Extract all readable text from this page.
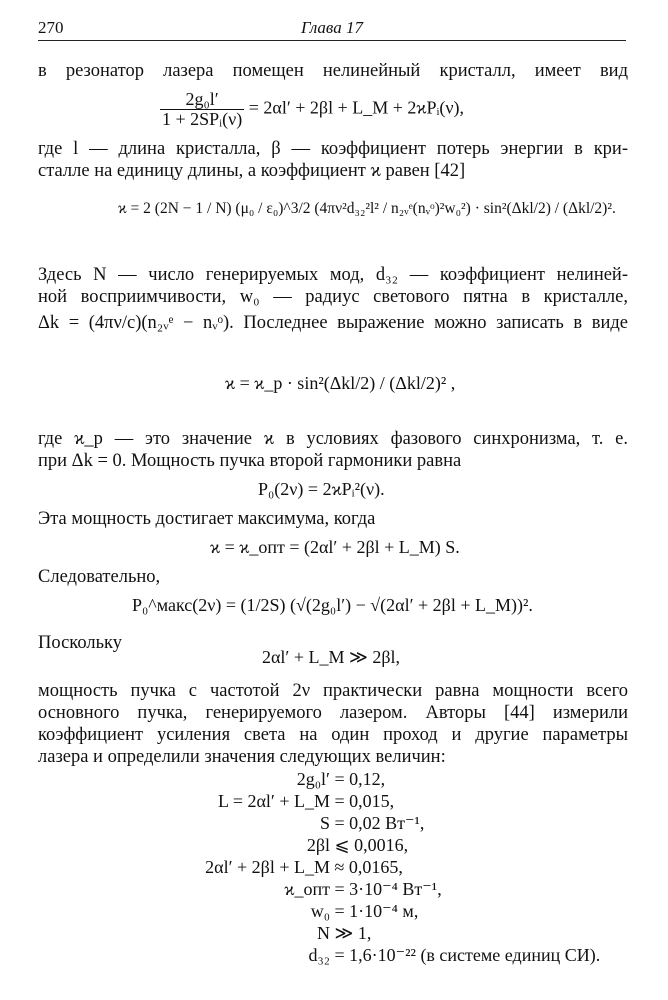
270	Глава 17
в резонатор лазера помещен нелинейный кристалл, имеет вид
$\frac{\text{2g₀l′}}{\text{1 + 2SPᵢ(ν)}} = 2\alpha l' + 2\beta l$ + L_M + 2ϰPᵢ(ν),
где l — длина кристалла, β — коэффициент потерь энергии в кри-
сталле на единицу длины, а коэффициент ϰ равен [42]
ϰ = 2 (2N − 1 / N) (μ₀ / ε₀)^3/2 (4πν²d₃₂²l² / n₂ᵥᵉ(nᵥᵒ)²w₀²) · sin²(Δkl/2) / (Δkl/2)².
Здесь N — число генерируемых мод, d₃₂ — коэффициент нелиней-
ной восприимчивости, w₀ — радиус светового пятна в кристалле,
Δk = (4πν/c)(n₂ᵥᵉ − nᵥᵒ). Последнее выражение можно записать в виде
ϰ = ϰ_p · sin²(Δkl/2) / (Δkl/2)² ,
где ϰ_p — это значение ϰ в условиях фазового синхронизма, т. е.
при Δk = 0. Мощность пучка второй гармоники равна
P₀(2ν) = 2ϰPᵢ²(ν).
Эта мощность достигает максимума, когда
ϰ = ϰ_опт = (2αl′ + 2βl + L_M) S.
Следовательно,
P₀^макс(2ν) = (1/2S) (√(2g₀l′) − √(2αl′ + 2βl + L_M))².
Поскольку
2αl′ + L_M ≫ 2βl,
мощность пучка с частотой 2ν практически равна мощности всего
основного пучка, генерируемого лазером. Авторы [44] измерили
коэффициент усиления света на один проход и другие параметры
лазера и определили значения следующих величин:
2g₀l′ = 0,12,
L = 2αl′ + L_M = 0,015,
S = 0,02 Вт⁻¹,
2βl ⩽ 0,0016,
2αl′ + 2βl + L_M ≈ 0,0165,
ϰ_опт = 3·10⁻⁴ Вт⁻¹,
w₀ = 1·10⁻⁴ м,
N ≫ 1,
d₃₂ = 1,6·10⁻²² (в системе единиц СИ).
